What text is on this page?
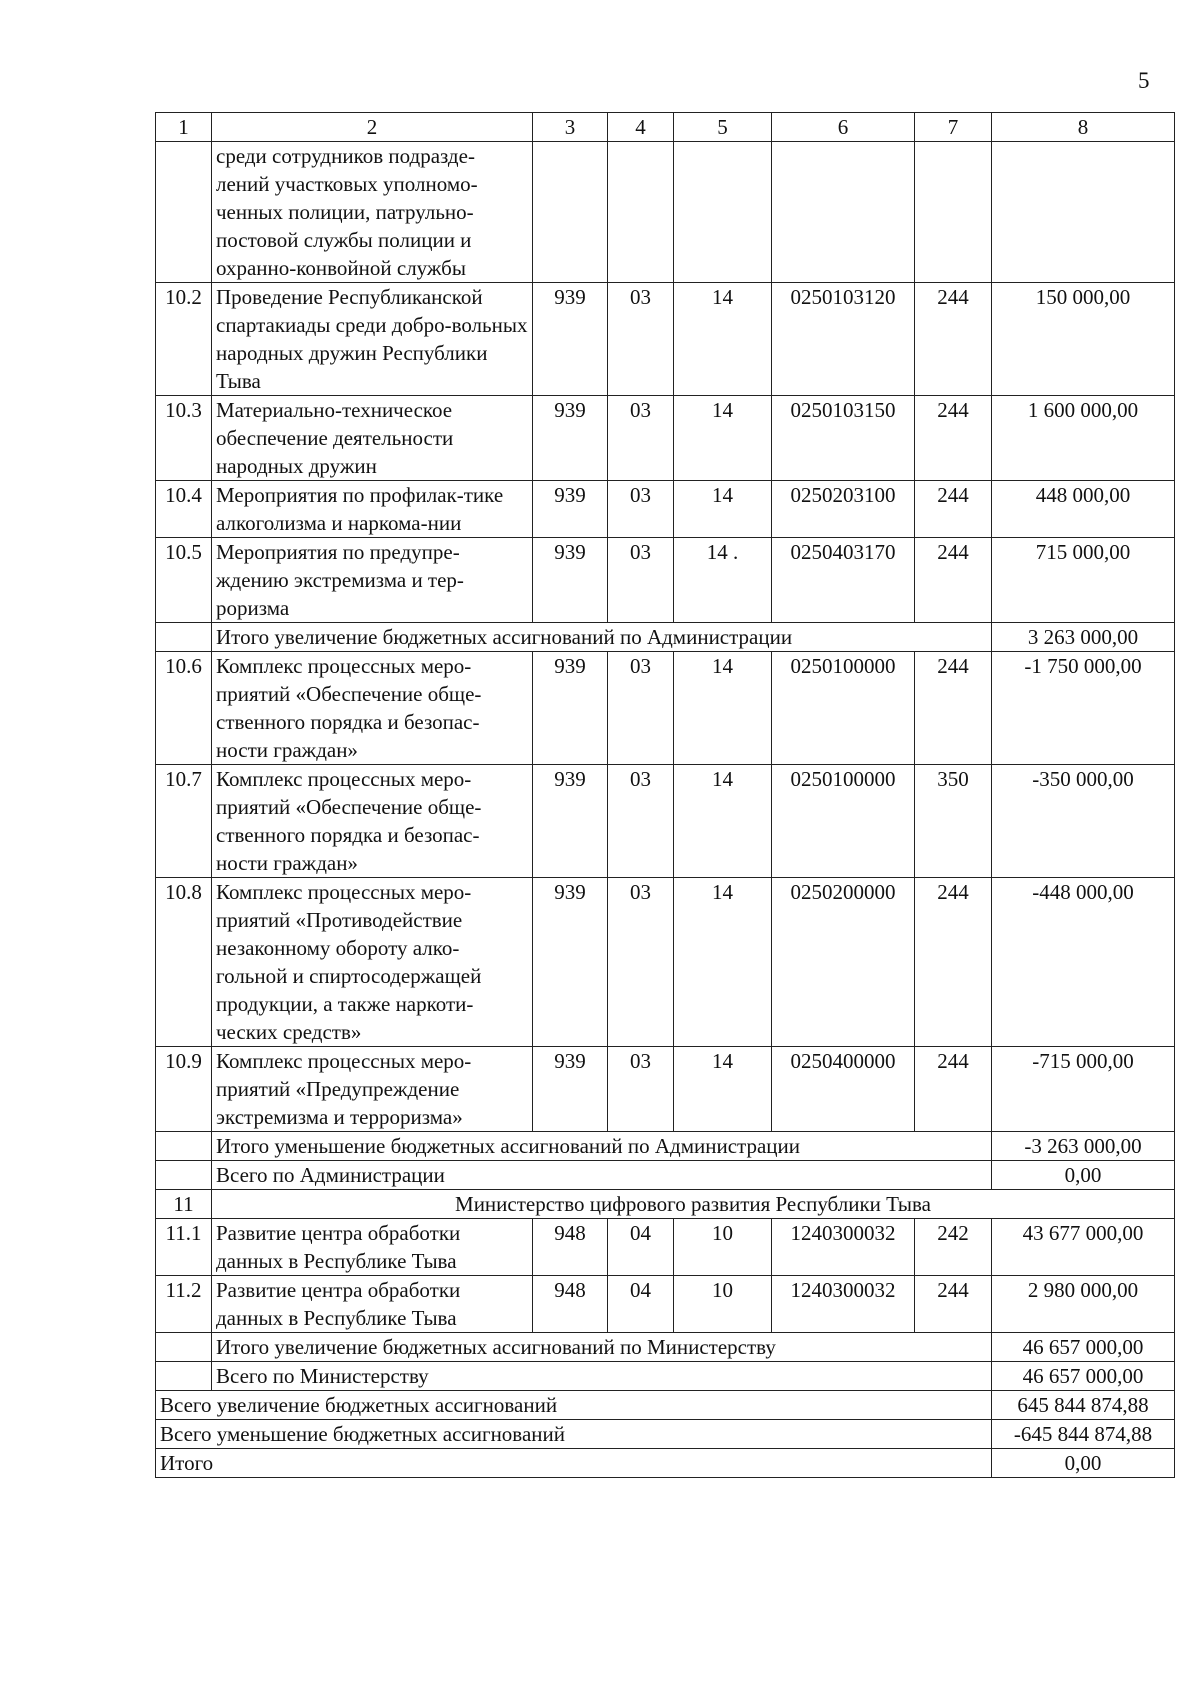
5
1	2	3	4	5	6	7	8
	среди сотрудников подразде-лений участковых уполномо-ченных полиции, патрульно-постовой службы полиции и охранно-конвойной службы						
10.2	Проведение Республиканской спартакиады среди добро-вольных народных дружин Республики Тыва	939	03	14	0250103120	244	150 000,00
10.3	Материально-техническое обеспечение деятельности народных дружин	939	03	14	0250103150	244	1 600 000,00
10.4	Мероприятия по профилак-тике алкоголизма и наркома-нии	939	03	14	0250203100	244	448 000,00
10.5	Мероприятия по предупре-ждению экстремизма и тер-роризма	939	03	14 .	0250403170	244	715 000,00
	Итого увеличение бюджетных ассигнований по Администрации						3 263 000,00
10.6	Комплекс процессных меро-приятий «Обеспечение обще-ственного порядка и безопас-ности граждан»	939	03	14	0250100000	244	-1 750 000,00
10.7	Комплекс процессных меро-приятий «Обеспечение обще-ственного порядка и безопас-ности граждан»	939	03	14	0250100000	350	-350 000,00
10.8	Комплекс процессных меро-приятий «Противодействие незаконному обороту алко-гольной и спиртосодержащей продукции, а также наркоти-ческих средств»	939	03	14	0250200000	244	-448 000,00
10.9	Комплекс процессных меро-приятий «Предупреждение экстремизма и терроризма»	939	03	14	0250400000	244	-715 000,00
	Итого уменьшение бюджетных ассигнований по Администрации						-3 263 000,00
	Всего по Администрации						0,00
11	Министерство цифрового развития Республики Тыва						
11.1	Развитие центра обработки данных в Республике Тыва	948	04	10	1240300032	242	43 677 000,00
11.2	Развитие центра обработки данных в Республике Тыва	948	04	10	1240300032	244	2 980 000,00
	Итого увеличение бюджетных ассигнований по Министерству						46 657 000,00
	Всего по Министерству						46 657 000,00
Всего увеличение бюджетных ассигнований							645 844 874,88
Всего уменьшение бюджетных ассигнований							-645 844 874,88
Итого							0,00
